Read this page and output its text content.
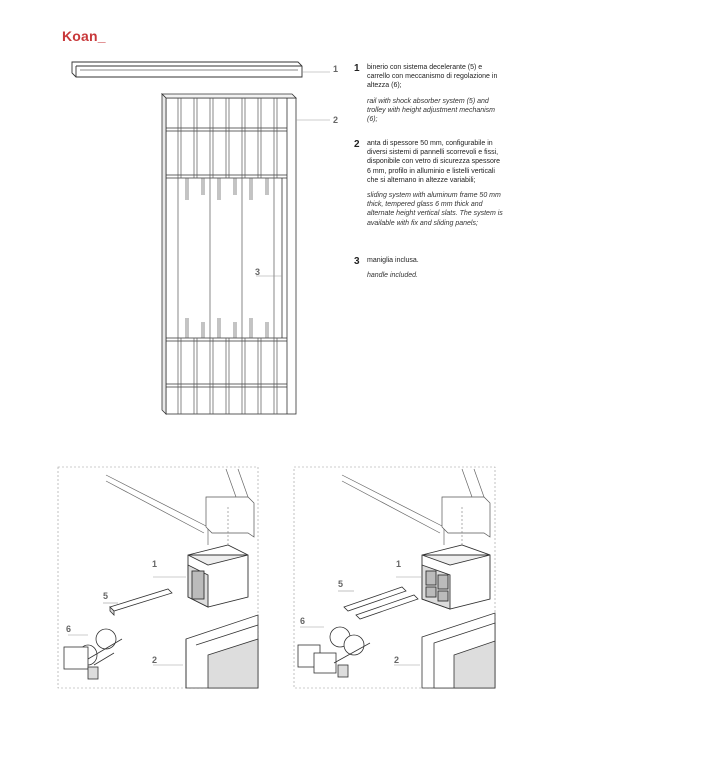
Koan_
1
2
3
1 binerio con sistema decelerante (5) e carrello con meccanismo di regolazione in altezza (6);
rail with shock absorber system (5) and trolley with height adjustment mechanism (6);
2 anta di spessore 50 mm, configurabile in diversi sistemi di pannelli scorrevoli e fissi, disponibile con vetro di sicurezza spessore 6 mm, profilo in alluminio e listelli verticali che si alternano in altezze variabili;
sliding system with aluminum frame 50 mm thick, tempered glass 6 mm thick and alternate height vertical slats. The system is available with fix and sliding panels;
3 maniglia inclusa.
handle included.
1
5
6
2
1
5
6
2
